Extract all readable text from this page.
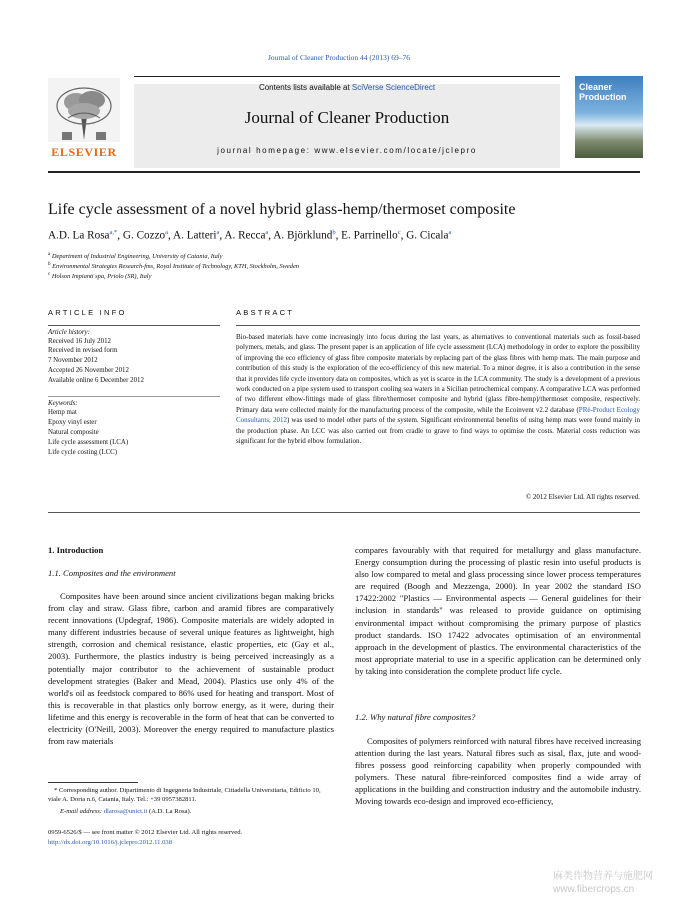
Journal of Cleaner Production 44 (2013) 69–76
Contents lists available at SciVerse ScienceDirect
Journal of Cleaner Production
journal homepage: www.elsevier.com/locate/jclepro
ELSEVIER
Cleaner
Production
Life cycle assessment of a novel hybrid glass-hemp/thermoset composite
A.D. La Rosa$^{a,*}$, G. Cozzo$^a$, A. Latteri$^a$, A. Recca$^a$, A. Björklund$^b$, E. Parrinello$^c$, G. Cicala$^a$
$^a$ Department of Industrial Engineering, University of Catania, Italy
$^b$ Environmental Strategies Research-fms, Royal Institute of Technology, KTH, Stockholm, Sweden
$^c$ Holson Impianti spa, Priolo (SR), Italy
ARTICLE INFO
Article history:
Received 16 July 2012
Received in revised form
7 November 2012
Accepted 26 November 2012
Available online 6 December 2012
Keywords:
Hemp mat
Epoxy vinyl ester
Natural composite
Life cycle assessment (LCA)
Life cycle costing (LCC)
ABSTRACT

Bio-based materials have come increasingly into focus during the last years, as alternatives to conventional materials such as fossil-based polymers, metals, and glass. The present paper is an application of life cycle assessment (LCA) methodology in order to explore the possibility of improving the eco efficiency of glass fibre composite materials by replacing part of the glass fibres with hemp mats. The main purpose and contribution of this study is the exploration of the eco-efficiency of this new material. To a minor degree, it is also a contribution in the sense that it provides life cycle inventory data on composites, which as yet is scarce in the LCA community. The study is a development of a previous work conducted on a pipe system used to transport cooling sea waters in a Sicilian petrochemical company. A comparative LCA was performed of two different elbow-fittings made of glass fibre/thermoset composite and hybrid (glass fibre-hemp)/thermoset composite, respectively. Primary data were collected mainly for the manufacturing process of the composite, while the Ecoinvent v2.2 database (PRè-Product Ecology Consultants, 2012) was used to model other parts of the system. Significant environmental benefits of using hemp mats were found mainly in the production phase. An LCC was also carried out from cradle to grave to find ways to optimise the costs. Material costs reduction was significant for the hybrid elbow formulation.

© 2012 Elsevier Ltd. All rights reserved.
1. Introduction
1.1. Composites and the environment

Composites have been around since ancient civilizations began making bricks from clay and straw. Glass fibre, carbon and aramid fibres are comparatively recent innovations (Updegraf, 1986). Composite materials are widely adopted in many different industries because of several unique features as lightweight, high strength, corrosion and chemical resistance, elastic properties, etc (Gay et al., 2003). Furthermore, the plastics industry is being perceived increasingly as a potentially major contributor to the achievement of sustainable product development strategies (Baker and Mead, 2004). Plastics use only 4% of the world's oil as feedstock compared to 86% used for heating and transport. Most of this is recoverable in that plastics only borrow energy, as it were, during their lifetime and this energy is recoverable in the form of heat that can be converted to electricity (O'Neill, 2003). Moreover the energy required to manufacture plastics from raw materials

compares favourably with that required for metallurgy and glass manufacture. Energy consumption during the processing of plastic resin into useful products is also low compared to metal and glass processing since lower process temperatures are required (Boogh and Mezzenga, 2000). In year 2002 the standard ISO 17422:2002 "Plastics — Environmental aspects — General guidelines for their inclusion in standards" was released to provide guidance on optimising environmental impact without compromising the primary purpose of plastics product standards. ISO 17422 advocates optimisation of an environmental approach in the development of plastics. The environmental characteristics of the most appropriate material to use in a specific application can be determined only by taking into consideration the complete product life cycle.

1.2. Why natural fibre composites?

Composites of polymers reinforced with natural fibres have received increasing attention during the last years. Natural fibres such as sisal, flax, jute and wood-fibres possess good reinforcing capability when properly compounded with polymers. These natural fibre-reinforced composites find a wide array of applications in the building and construction industry and the automobile industry. Moving towards eco-design and improved eco-efficiency,

* Corresponding author. Dipartimento di Ingegneria Industriale, Cittadella Universitaria, Edificio 10, viale A. Doria n.6, Catania, Italy. Tel.: +39 0957382811.
E-mail address: dlarosa@unict.it (A.D. La Rosa).
0959-6526/$ — see front matter © 2012 Elsevier Ltd. All rights reserved.
http://dx.doi.org/10.1016/j.jclepro.2012.11.038
麻类作物营养与施肥网
www.fibercrops.cn
